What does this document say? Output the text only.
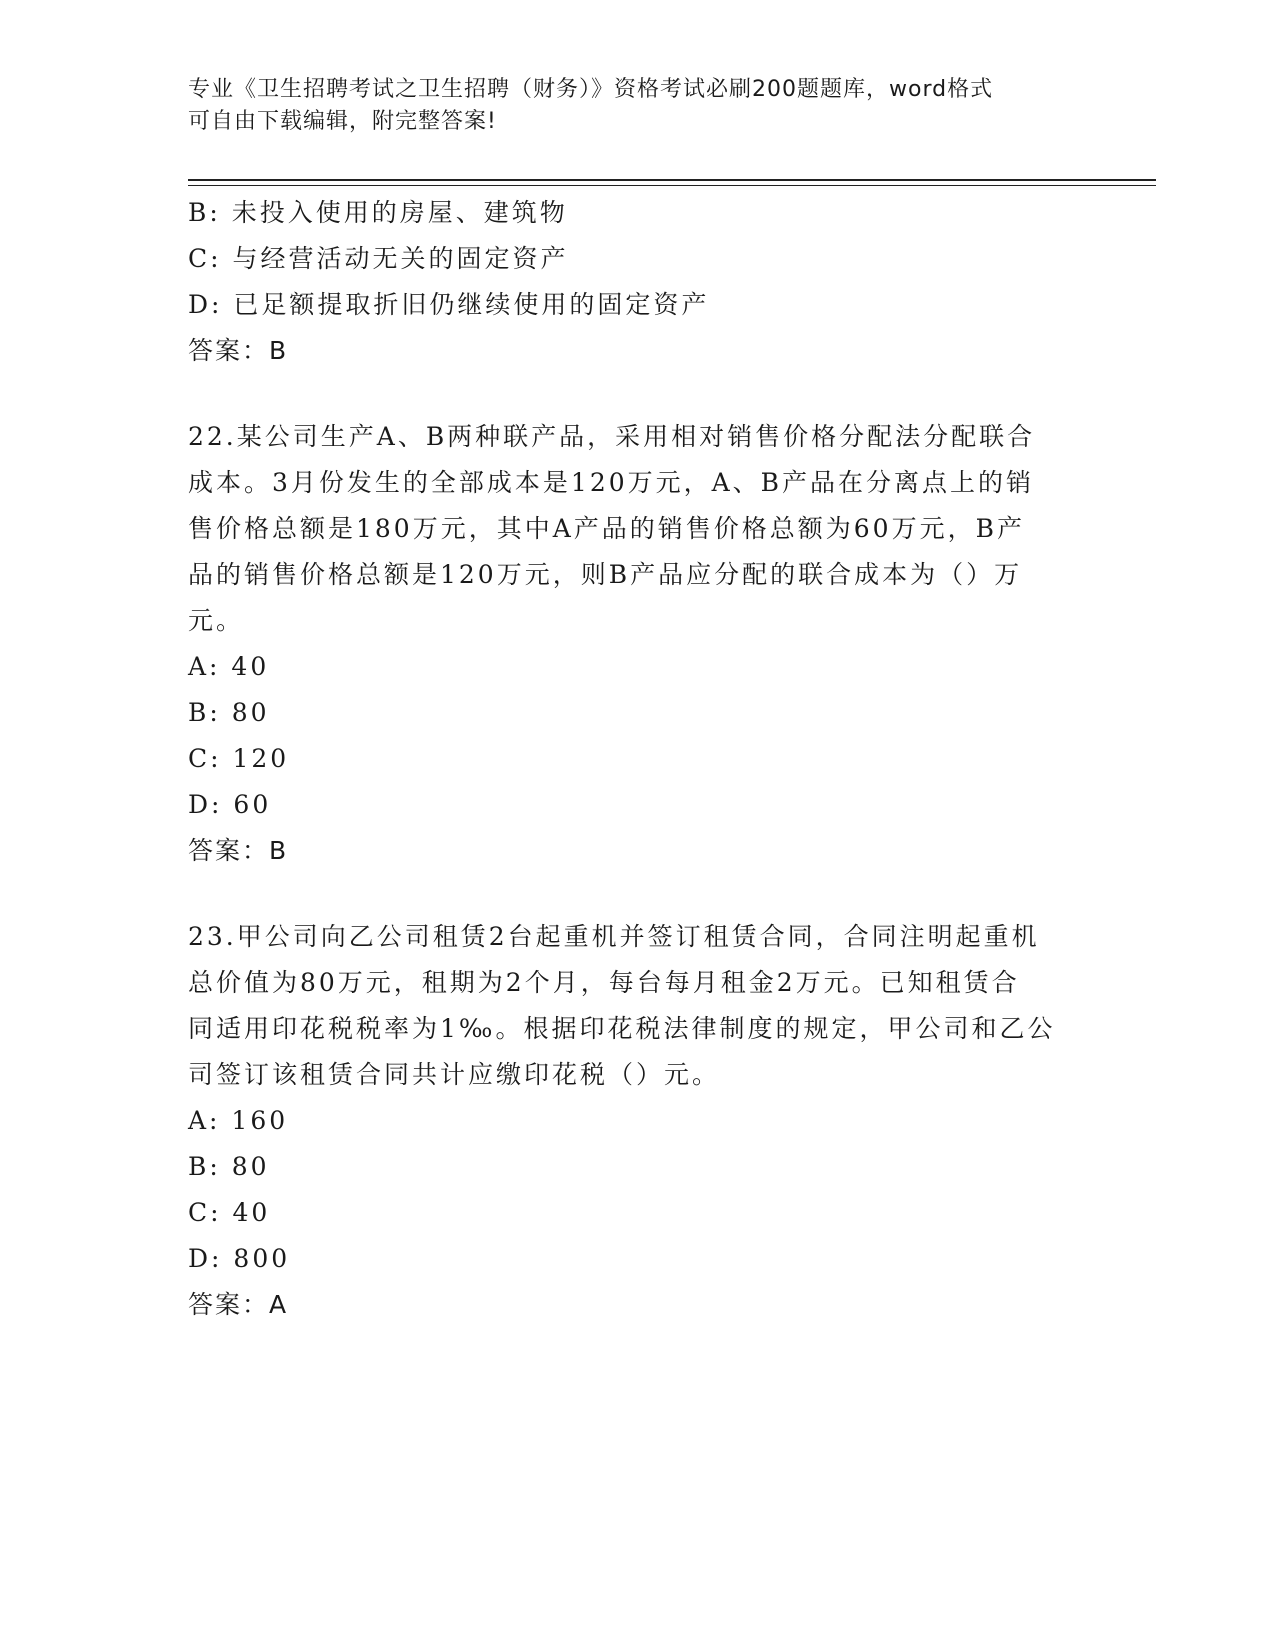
专业《卫生招聘考试之卫生招聘（财务）》资格考试必刷200题题库，word格式
可自由下载编辑，附完整答案!
B: 未投入使用的房屋、建筑物
C: 与经营活动无关的固定资产
D: 已足额提取折旧仍继续使用的固定资产
答案：B
22.某公司生产A、B两种联产品，采用相对销售价格分配法分配联合
成本。3月份发生的全部成本是120万元，A、B产品在分离点上的销
售价格总额是180万元，其中A产品的销售价格总额为60万元，B产
品的销售价格总额是120万元，则B产品应分配的联合成本为（）万
元。
A: 40
B: 80
C: 120
D: 60
答案：B
23.甲公司向乙公司租赁2台起重机并签订租赁合同，合同注明起重机
总价值为80万元，租期为2个月，每台每月租金2万元。已知租赁合
同适用印花税税率为1‰。根据印花税法律制度的规定，甲公司和乙公
司签订该租赁合同共计应缴印花税（）元。
A: 160
B: 80
C: 40
D: 800
答案：A
